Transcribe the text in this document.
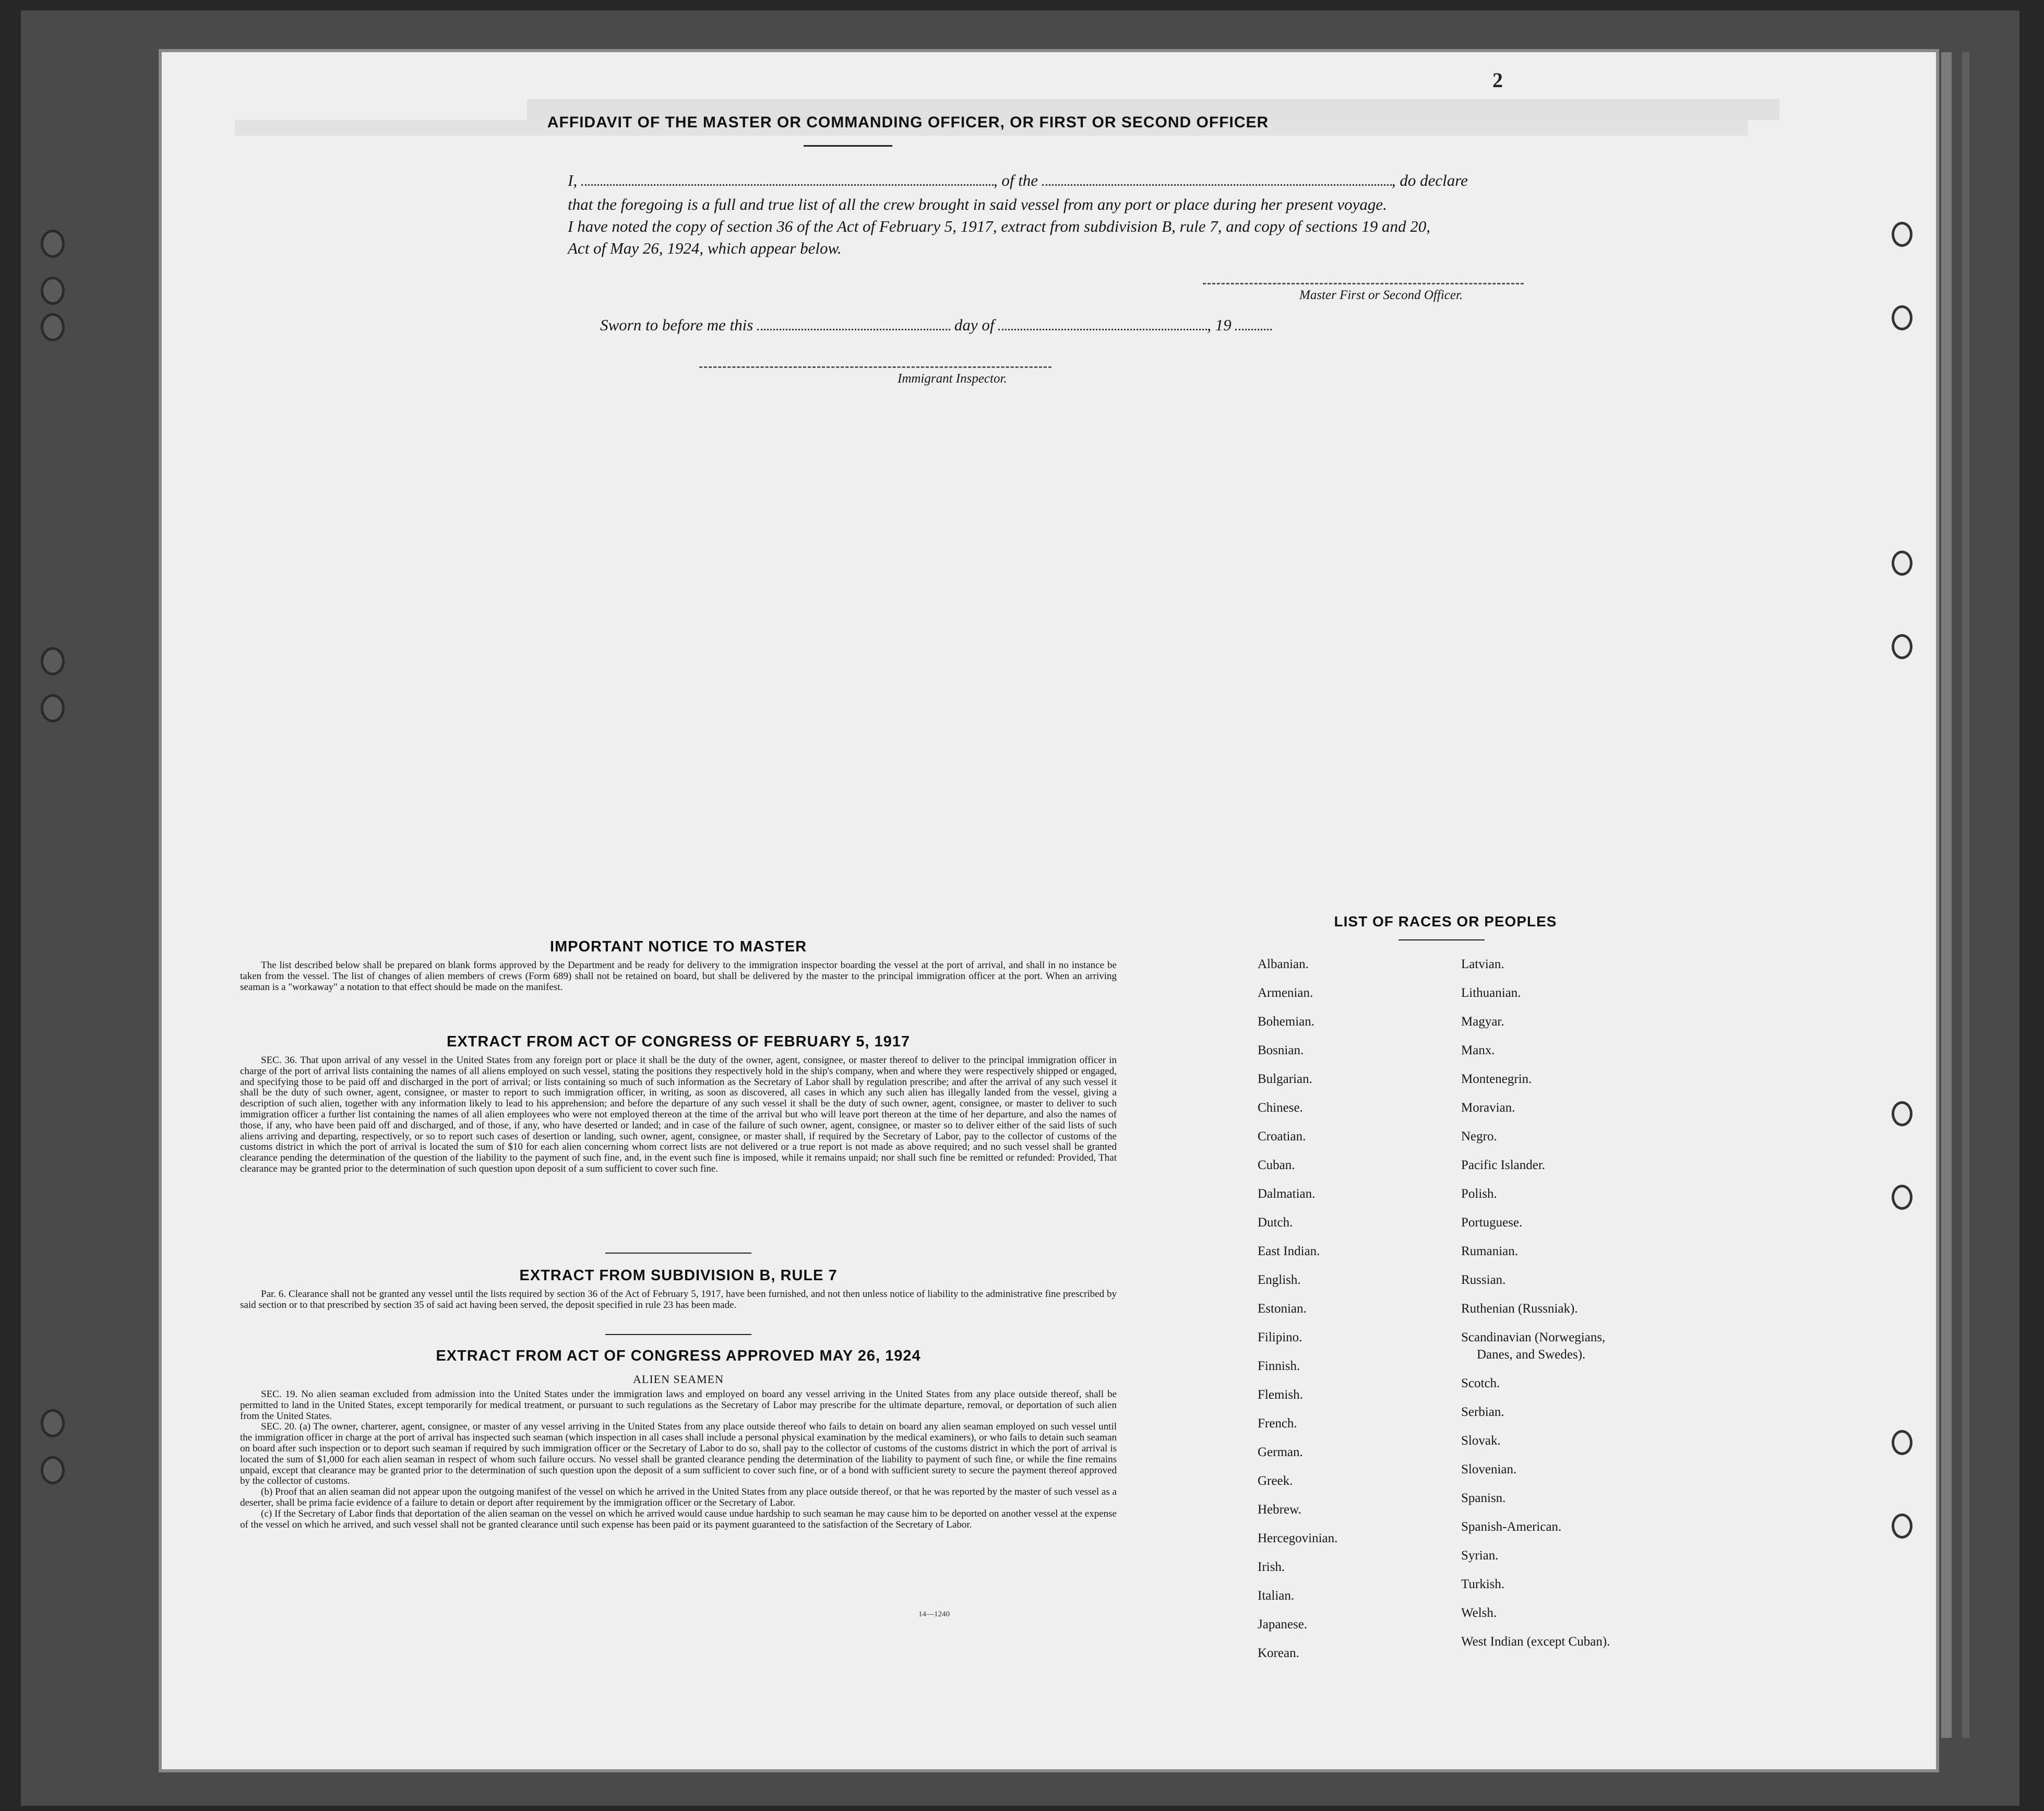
2
AFFIDAVIT OF THE MASTER OR COMMANDING OFFICER, OR FIRST OR SECOND OFFICER
I,	, of the	, do declare
that the foregoing is a full and true list of all the crew brought in said vessel from any port or place during her present voyage.
I have noted the copy of section 36 of the Act of February 5, 1917, extract from subdivision B, rule 7, and copy of sections 19 and 20,
Act of May 26, 1924, which appear below.
Master First or Second Officer.
Sworn to before me this	day of	, 19
Immigrant Inspector.
IMPORTANT NOTICE TO MASTER

The list described below shall be prepared on blank forms approved by the Department and be ready for delivery to the immigration inspector boarding the vessel at the port of arrival, and shall in no instance be taken from the vessel. The list of changes of alien members of crews (Form 689) shall not be retained on board, but shall be delivered by the master to the principal immigration officer at the port. When an arriving seaman is a "workaway" a notation to that effect should be made on the manifest.

EXTRACT FROM ACT OF CONGRESS OF FEBRUARY 5, 1917

SEC. 36. That upon arrival of any vessel in the United States from any foreign port or place it shall be the duty of the owner, agent, consignee, or master thereof to deliver to the principal immigration officer in charge of the port of arrival lists containing the names of all aliens employed on such vessel, stating the positions they respectively hold in the ship's company, when and where they were respectively shipped or engaged, and specifying those to be paid off and discharged in the port of arrival; or lists containing so much of such information as the Secretary of Labor shall by regulation prescribe; and after the arrival of any such vessel it shall be the duty of such owner, agent, consignee, or master to report to such immigration officer, in writing, as soon as discovered, all cases in which any such alien has illegally landed from the vessel, giving a description of such alien, together with any information likely to lead to his apprehension; and before the departure of any such vessel it shall be the duty of such owner, agent, consignee, or master to deliver to such immigration officer a further list containing the names of all alien employees who were not employed thereon at the time of the arrival but who will leave port thereon at the time of her departure, and also the names of those, if any, who have been paid off and discharged, and of those, if any, who have deserted or landed; and in case of the failure of such owner, agent, consignee, or master so to deliver either of the said lists of such aliens arriving and departing, respectively, or so to report such cases of desertion or landing, such owner, agent, consignee, or master shall, if required by the Secretary of Labor, pay to the collector of customs of the customs district in which the port of arrival is located the sum of $10 for each alien concerning whom correct lists are not delivered or a true report is not made as above required; and no such vessel shall be granted clearance pending the determination of the question of the liability to the payment of such fine, and, in the event such fine is imposed, while it remains unpaid; nor shall such fine be remitted or refunded: Provided, That clearance may be granted prior to the determination of such question upon deposit of a sum sufficient to cover such fine.

EXTRACT FROM SUBDIVISION B, RULE 7

Par. 6. Clearance shall not be granted any vessel until the lists required by section 36 of the Act of February 5, 1917, have been furnished, and not then unless notice of liability to the administrative fine prescribed by said section or to that prescribed by section 35 of said act having been served, the deposit specified in rule 23 has been made.

EXTRACT FROM ACT OF CONGRESS APPROVED MAY 26, 1924
ALIEN SEAMEN

SEC. 19. No alien seaman excluded from admission into the United States under the immigration laws and employed on board any vessel arriving in the United States from any place outside thereof, shall be permitted to land in the United States, except temporarily for medical treatment, or pursuant to such regulations as the Secretary of Labor may prescribe for the ultimate departure, removal, or deportation of such alien from the United States.

SEC. 20. (a) The owner, charterer, agent, consignee, or master of any vessel arriving in the United States from any place outside thereof who fails to detain on board any alien seaman employed on such vessel until the immigration officer in charge at the port of arrival has inspected such seaman (which inspection in all cases shall include a personal physical examination by the medical examiners), or who fails to detain such seaman on board after such inspection or to deport such seaman if required by such immigration officer or the Secretary of Labor to do so, shall pay to the collector of customs of the customs district in which the port of arrival is located the sum of $1,000 for each alien seaman in respect of whom such failure occurs. No vessel shall be granted clearance pending the determination of the liability to payment of such fine, or while the fine remains unpaid, except that clearance may be granted prior to the determination of such question upon the deposit of a sum sufficient to cover such fine, or of a bond with sufficient surety to secure the payment thereof approved by the collector of customs.

(b) Proof that an alien seaman did not appear upon the outgoing manifest of the vessel on which he arrived in the United States from any place outside thereof, or that he was reported by the master of such vessel as a deserter, shall be prima facie evidence of a failure to detain or deport after requirement by the immigration officer or the Secretary of Labor.

(c) If the Secretary of Labor finds that deportation of the alien seaman on the vessel on which he arrived would cause undue hardship to such seaman he may cause him to be deported on another vessel at the expense of the vessel on which he arrived, and such vessel shall not be granted clearance until such expense has been paid or its payment guaranteed to the satisfaction of the Secretary of Labor.

14—1240
LIST OF RACES OR PEOPLES
Albanian.
Armenian.
Bohemian.
Bosnian.
Bulgarian.
Chinese.
Croatian.
Cuban.
Dalmatian.
Dutch.
East Indian.
English.
Estonian.
Filipino.
Finnish.
Flemish.
French.
German.
Greek.
Hebrew.
Hercegovinian.
Irish.
Italian.
Japanese.
Korean.
Latvian.
Lithuanian.
Magyar.
Manx.
Montenegrin.
Moravian.
Negro.
Pacific Islander.
Polish.
Portuguese.
Rumanian.
Russian.
Ruthenian (Russniak).
Scandinavian (Norwegians,
Danes, and Swedes).
Scotch.
Serbian.
Slovak.
Slovenian.
Spanisn.
Spanish-American.
Syrian.
Turkish.
Welsh.
West Indian (except Cuban).
